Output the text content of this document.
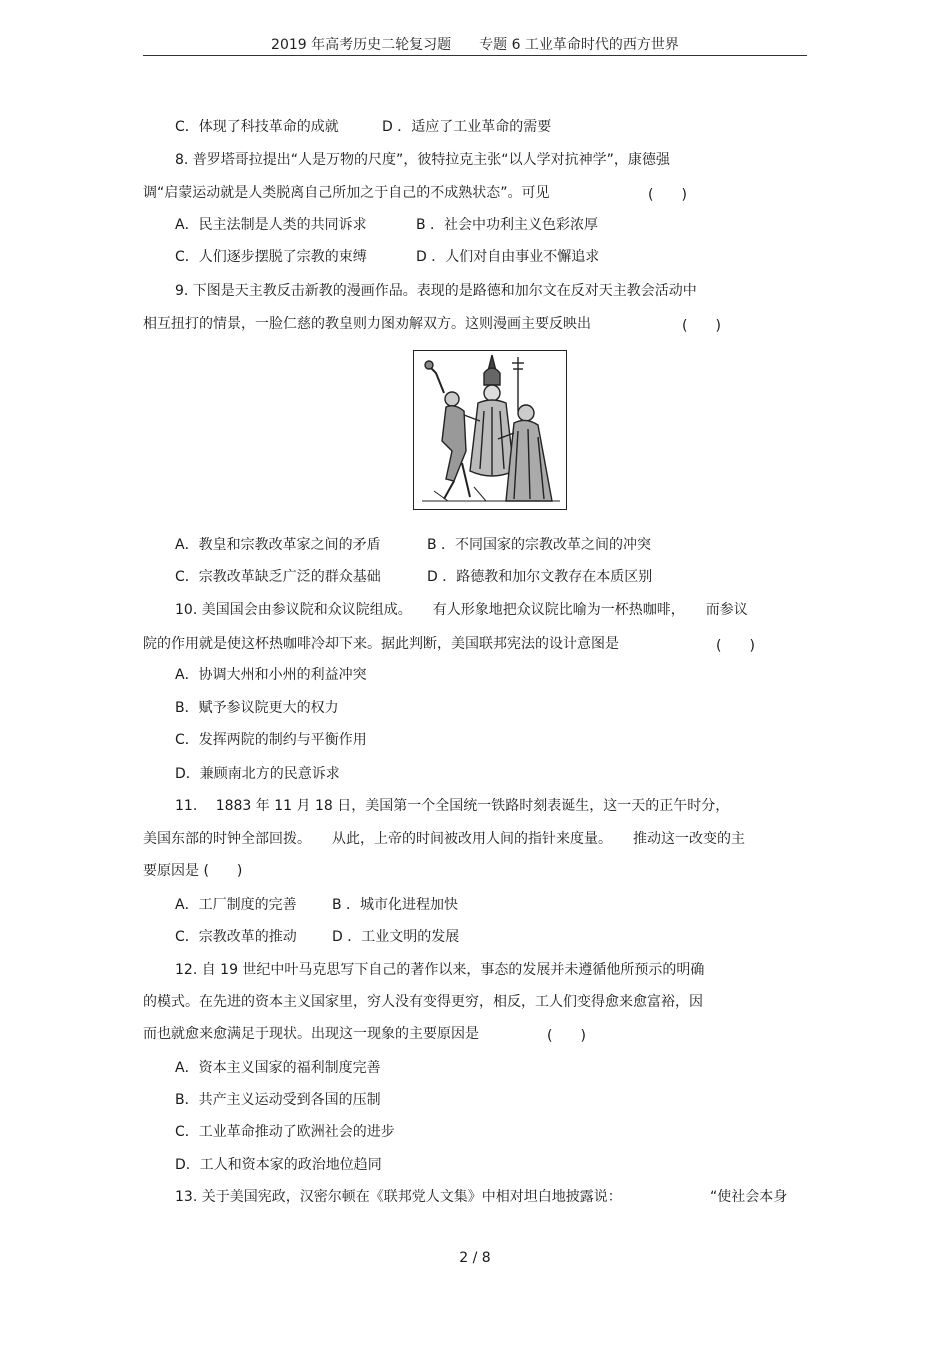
2019 年高考历史二轮复习题　　专题 6 工业革命时代的西方世界
C．体现了科技革命的成就	D ．适应了工业革命的需要
8. 普罗塔哥拉提出“人是万物的尺度”，彼特拉克主张“以人学对抗神学”，康德强
调“启蒙运动就是人类脱离自己所加之于自己的不成熟状态”。可见	(　　)
A．民主法制是人类的共同诉求	B ．社会中功利主义色彩浓厚
C．人们逐步摆脱了宗教的束缚	D ．人们对自由事业不懈追求
9. 下图是天主教反击新教的漫画作品。表现的是路德和加尔文在反对天主教会活动中
相互扭打的情景，一脸仁慈的教皇则力图劝解双方。这则漫画主要反映出	(　　)
A．教皇和宗教改革家之间的矛盾	B ．不同国家的宗教改革之间的冲突
C．宗教改革缺乏广泛的群众基础	D ．路德教和加尔文教存在本质区别
10. 美国国会由参议院和众议院组成。　　有人形象地把众议院比喻为一杯热咖啡，　　而参议
院的作用就是使这杯热咖啡冷却下来。据此判断，美国联邦宪法的设计意图是	(　　)
A．协调大州和小州的利益冲突
B．赋予参议院更大的权力
C．发挥两院的制约与平衡作用
D．兼顾南北方的民意诉求
11.　 1883 年 11 月 18 日，美国第一个全国统一铁路时刻表诞生，这一天的正午时分，
美国东部的时钟全部回拨。　　从此，上帝的时间被改用人间的指针来度量。　　推动这一改变的主
要原因是 (　　)
A．工厂制度的完善	B ．城市化进程加快
C．宗教改革的推动	D ．工业文明的发展
12. 自 19 世纪中叶马克思写下自己的著作以来，事态的发展并未遵循他所预示的明确
的模式。在先进的资本主义国家里，穷人没有变得更穷，相反，工人们变得愈来愈富裕，因
而也就愈来愈满足于现状。出现这一现象的主要原因是	(　　)
A．资本主义国家的福利制度完善
B．共产主义运动受到各国的压制
C．工业革命推动了欧洲社会的进步
D．工人和资本家的政治地位趋同
13. 关于美国宪政，汉密尔顿在《联邦党人文集》中相对坦白地披露说：	“使社会本身
2 / 8
